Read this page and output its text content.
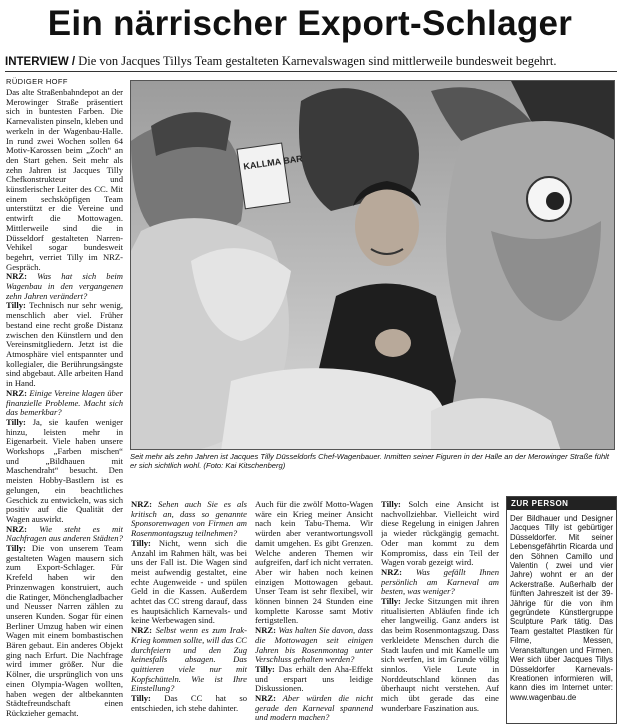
Ein närrischer Export-Schlager
INTERVIEW / Die von Jacques Tillys Team gestalteten Karnevalswagen sind mittlerweile bundesweit begehrt.
RÜDIGER HOFF

Das alte Straßenbahndepot an der Merowinger Straße präsentiert sich in buntesten Farben. Die Karnevalisten pinseln, kleben und werkeln in der Wagenbau-Halle. In rund zwei Wochen sollen 64 Motiv-Karossen beim „Zoch“ an den Start gehen. Seit mehr als zehn Jahren ist Jacques Tilly Chefkonstrukteur und künstlerischer Leiter des CC. Mit einem sechsköpfigen Team unterstützt er die Vereine und entwirft die Mottowagen. Mittlerweile sind die in Düsseldorf gestalteten Narren-Vehikel sogar bundesweit begehrt, verriet Tilly im NRZ-Gespräch.

NRZ: Was hat sich beim Wagenbau in den vergangenen zehn Jahren verändert?

Tilly: Technisch nur sehr wenig, menschlich aber viel. Früher bestand eine recht große Distanz zwischen den Künstlern und den Vereinsmitgliedern. Jetzt ist die Atmosphäre viel entspannter und kollegialer, die Berührungsängste sind abgebaut. Alle arbeiten Hand in Hand.

NRZ: Einige Vereine klagen über finanzielle Probleme. Macht sich das bemerkbar?

Tilly: Ja, sie kaufen weniger hinzu, leisten mehr in Eigenarbeit. Viele haben unsere Workshops „Farben mischen“ und „Bildhauen mit Maschendraht“ besucht. Den meisten Hobby-Bastlern ist es gelungen, ein beachtliches Geschick zu entwickeln, was sich positiv auf die Qualität der Wagen auswirkt.

NRZ: Wie steht es mit Nachfragen aus anderen Städten?

Tilly: Die von unserem Team gestalteten Wagen mausern sich zum Export-Schlager. Für Krefeld haben wir den Prinzenwagen konstruiert, auch die Ratinger, Mönchengladbacher und Neusser Narren zählen zu unseren Kunden. Sogar für einen Berliner Umzug haben wir einen Wagen mit einem bombastischen Bären gebaut. Ein anderes Objekt ging nach Erfurt. Die Nachfrage wird immer größer. Nur die Kölner, die ursprünglich von uns einen Olympia-Wagen wollten, haben wegen der altbekannten Städtefreundschaft einen Rückzieher gemacht.

KALLMA BAR
Seit mehr als zehn Jahren ist Jacques Tilly Düsseldorfs Chef-Wagenbauer. Inmitten seiner Figuren in der Halle an der Merowinger Straße fühlt er sich sichtlich wohl. (Foto: Kai Kitschenberg)

NRZ: Sehen auch Sie es als kritisch an, dass so genannte Sponsorenwagen von Firmen am Rosenmontagszug teilnehmen?

Tilly: Nicht, wenn sich die Anzahl im Rahmen hält, was bei uns der Fall ist. Die Wagen sind meist aufwendig gestaltet, eine echte Augenweide - und spülen Geld in die Kassen. Außerdem achtet das CC streng darauf, dass es hauptsächlich Karnevals- und keine Werbewagen sind.

NRZ: Selbst wenn es zum Irak-Krieg kommen sollte, will das CC durchfeiern und den Zug keinesfalls absagen. Das quittieren viele nur mit Kopfschütteln. Wie ist Ihre Einstellung?

Tilly: Das CC hat so entschieden, ich stehe dahinter.

Auch für die zwölf Motto-Wagen wäre ein Krieg meiner Ansicht nach kein Tabu-Thema. Wir würden aber verantwortungsvoll damit umgehen. Es gibt Grenzen. Welche anderen Themen wir aufgreifen, darf ich nicht verraten. Aber wir haben noch keinen einzigen Mottowagen gebaut. Unser Team ist sehr flexibel, wir können binnen 24 Stunden eine komplette Karosse samt Motiv fertigstellen.

NRZ: Was halten Sie davon, dass die Mottowagen seit einigen Jahren bis Rosenmontag unter Verschluss gehalten werden?

Tilly: Das erhält den Aha-Effekt und erspart uns leidige Diskussionen.

NRZ: Aber würden die nicht gerade den Karneval spannend und modern machen?

Tilly: Solch eine Ansicht ist nachvollziehbar. Vielleicht wird diese Regelung in einigen Jahren ja wieder rückgängig gemacht. Oder man kommt zu dem Kompromiss, dass ein Teil der Wagen vorab gezeigt wird.

NRZ: Was gefällt Ihnen persönlich am Karneval am besten, was weniger?

Tilly: Jecke Sitzungen mit ihren ritualisierten Abläufen finde ich eher langweilig. Ganz anders ist das beim Rosenmontagszug. Dass verkleidete Menschen durch die Stadt laufen und mit Kamelle um sich werfen, ist im Grunde völlig sinnlos. Viele Leute in Norddeutschland können das überhaupt nicht verstehen. Auf mich übt gerade das eine wunderbare Faszination aus.

ZUR PERSON
Der Bildhauer und Designer Jacques Tilly ist gebürtiger Düsseldorfer. Mit seiner Lebensgefährtin Ricarda und den Söhnen Camillo und Valentin ( zwei und vier Jahre) wohnt er an der Ackerstraße. Außerhalb der fünften Jahreszeit ist der 39-Jährige für die von ihm gegründete Künstlergruppe Sculpture Park tätig. Das Team gestaltet Plastiken für Filme, Messen, Veranstaltungen und Firmen. Wer sich über Jacques Tillys Düsseldorfer Karnevals-Kreationen informieren will, kann dies im Internet unter: www.wagenbau.de
